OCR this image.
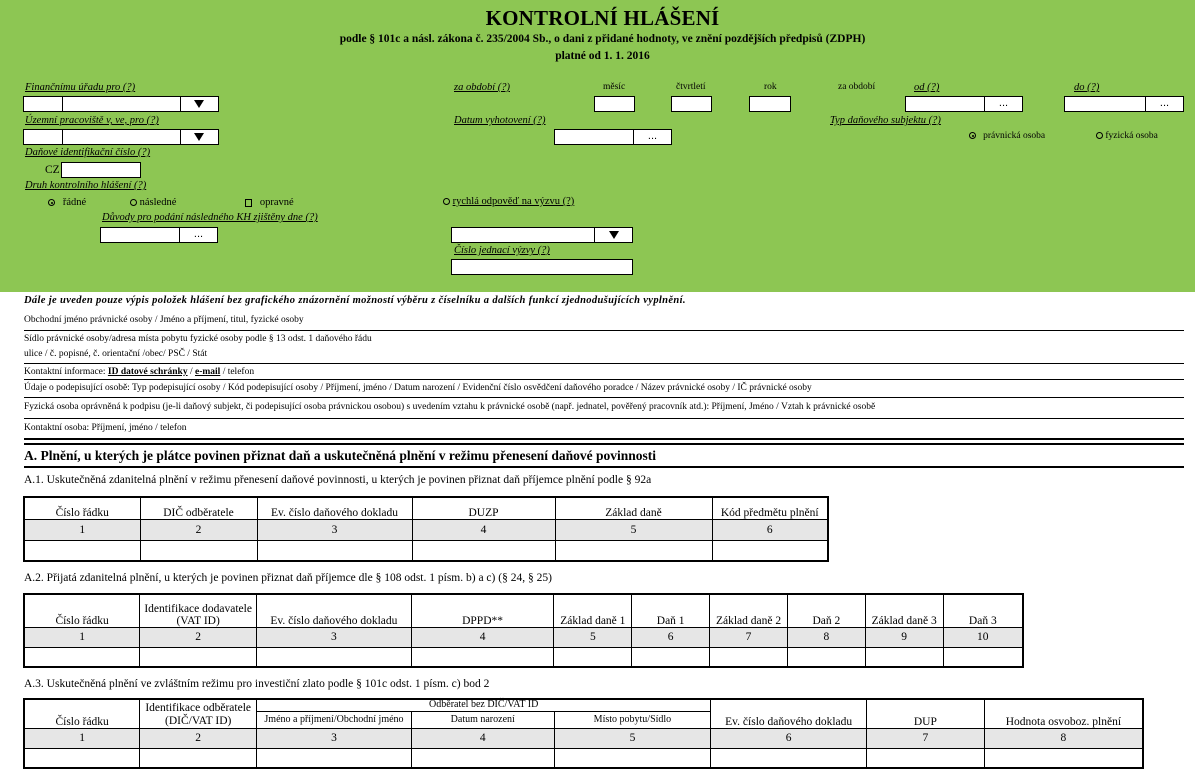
KONTROLNÍ HLÁŠENÍ
podle § 101c a násl. zákona č. 235/2004 Sb., o dani z přidané hodnoty, ve znění pozdějších předpisů (ZDPH)
platné od 1. 1. 2016
Finančnímu úřadu pro (?)
Územní pracoviště v, ve, pro (?)
Daňové identifikační číslo (?)
CZ
Druh kontrolního hlášení (?)
řádné	následné	opravné
Důvody pro podání následného KH zjištěny dne (?)
...
za období (?)	měsíc	čtvrtletí	rok
Datum vyhotovení (?)
...
rychlá odpověď na výzvu (?)
Číslo jednací výzvy (?)
za období	od (?)
...
do (?)
...
Typ daňového subjektu (?)
právnická osoba	fyzická osoba
Dále je uveden pouze výpis položek hlášení bez grafického znázornění možností výběru z číselníku a dalších funkcí zjednodušujících vyplnění.
Obchodní jméno právnické osoby / Jméno a příjmení, titul, fyzické osoby
Sídlo právnické osoby/adresa místa pobytu fyzické osoby podle § 13 odst. 1 daňového řádu
ulice / č. popisné, č. orientační /obec/ PSČ / Stát
Kontaktní informace: ID datové schránky / e-mail / telefon
Údaje o podepisující osobě: Typ podepisující osoby / Kód podepisující osoby / Příjmení, jméno / Datum narození / Evidenční číslo osvědčení daňového poradce / Název právnické osoby / IČ právnické osoby
Fyzická osoba oprávněná k podpisu (je-li daňový subjekt, či podepisující osoba právnickou osobou) s uvedením vztahu k právnické osobě (např. jednatel, pověřený pracovník atd.): Příjmení, Jméno / Vztah k právnické osobě
Kontaktní osoba: Příjmení, jméno / telefon
A. Plnění, u kterých je plátce povinen přiznat daň a uskutečněná plnění v režimu přenesení daňové povinnosti
A.1. Uskutečněná zdanitelná plnění v režimu přenesení daňové povinnosti, u kterých je povinen přiznat daň příjemce plnění podle § 92a
Číslo řádku	DIČ odběratele	Ev. číslo daňového dokladu	DUZP	Základ daně	Kód předmětu plnění
1	2	3	4	5	6

A.2. Přijatá zdanitelná plnění, u kterých je povinen přiznat daň příjemce dle § 108 odst. 1 písm. b) a c) (§ 24, § 25)
Číslo řádku	Identifikace dodavatele (VAT ID)	Ev. číslo daňového dokladu	DPPD**	Základ daně 1	Daň 1	Základ daně 2	Daň 2	Základ daně 3	Daň 3
1	2	3	4	5	6	7	8	9	10

A.3. Uskutečněná plnění ve zvláštním režimu pro investiční zlato podle § 101c odst. 1 písm. c) bod 2
Číslo řádku	Identifikace odběratele (DIČ/VAT ID)	Odběratel bez DIČ/VAT ID			Ev. číslo daňového dokladu	DUP	Hodnota osvoboz. plnění
		Jméno a příjmení/Obchodní jméno	Datum narození	Místo pobytu/Sídlo			
1	2	3	4	5	6	7	8
